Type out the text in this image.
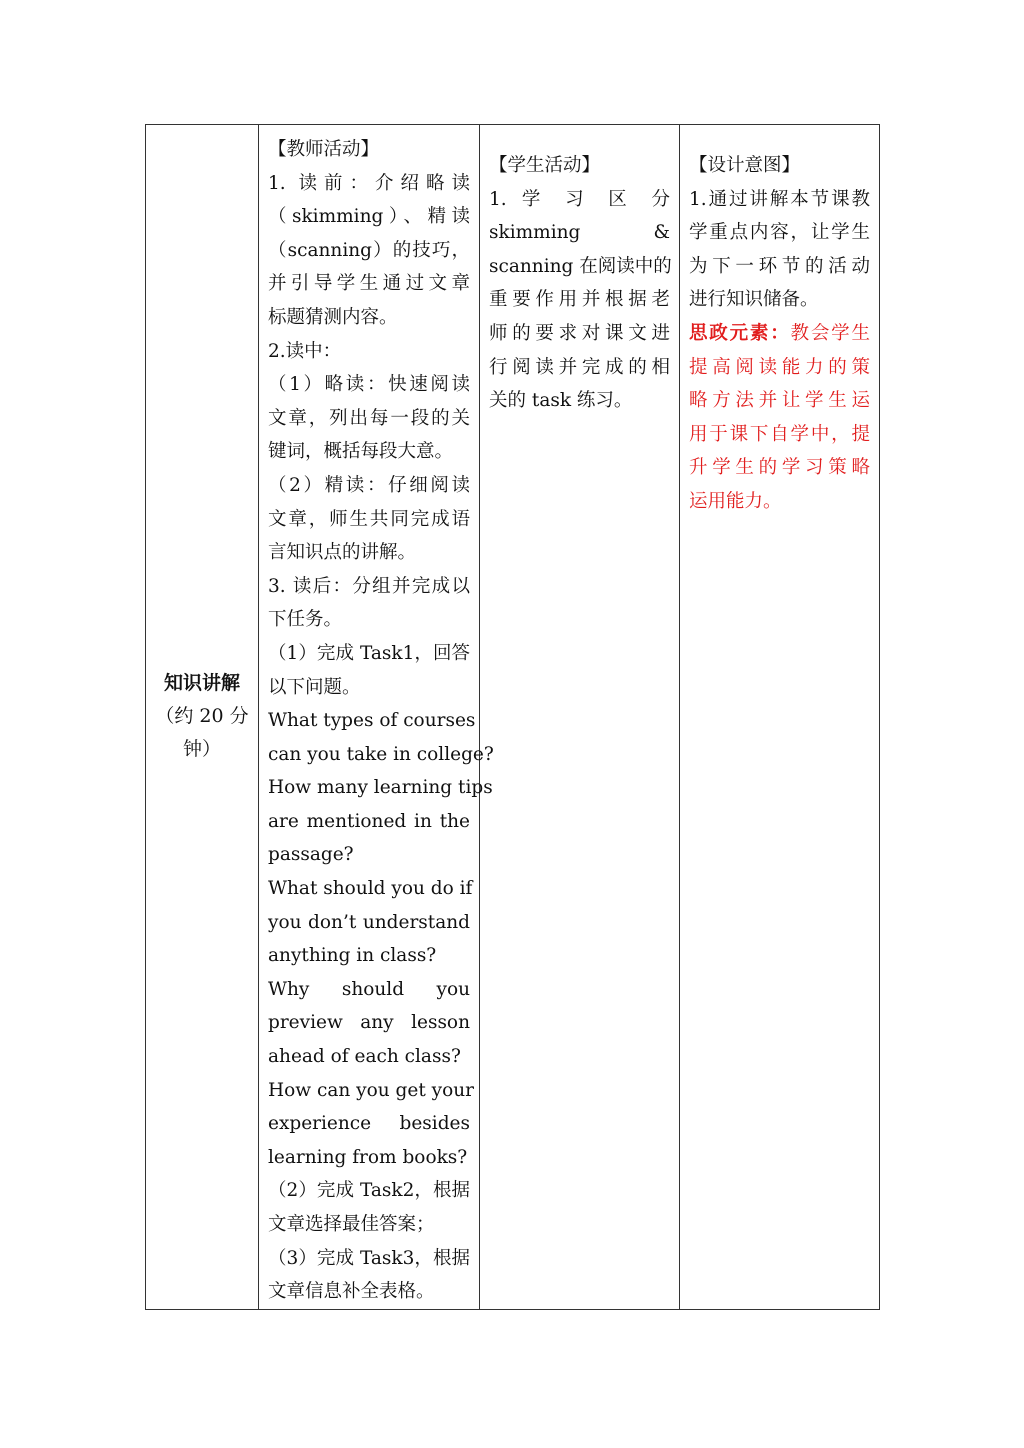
知识讲解
（约 20 分
钟）

【教师活动】
1. 读前：介绍略读
（skimming）、精读
（scanning）的技巧，
并引导学生通过文章
标题猜测内容。
2.读中：
（1）略读：快速阅读
文章，列出每一段的关
键词，概括每段大意。
（2）精读：仔细阅读
文章，师生共同完成语
言知识点的讲解。
3. 读后：分组并完成以
下任务。
（1）完成 Task1，回答
以下问题。
What types of courses
can you take in college?
How many learning tips
are mentioned in the
passage?
What should you do if
you don’t understand
anything in class?
Why should you
preview any lesson
ahead of each class?
How can you get your
experience besides
learning from books?
（2）完成 Task2，根据
文章选择最佳答案；
（3）完成 Task3，根据
文章信息补全表格。

【学生活动】
1. 学 习 区 分
skimming &
scanning 在阅读中的
重要作用并根据老
师的要求对课文进
行阅读并完成的相
关的 task 练习。

【设计意图】
1.通过讲解本节课教
学重点内容，让学生
为下一环节的活动
进行知识储备。
思政元素：教会学生
提高阅读能力的策
略方法并让学生运
用于课下自学中，提
升学生的学习策略
运用能力。
